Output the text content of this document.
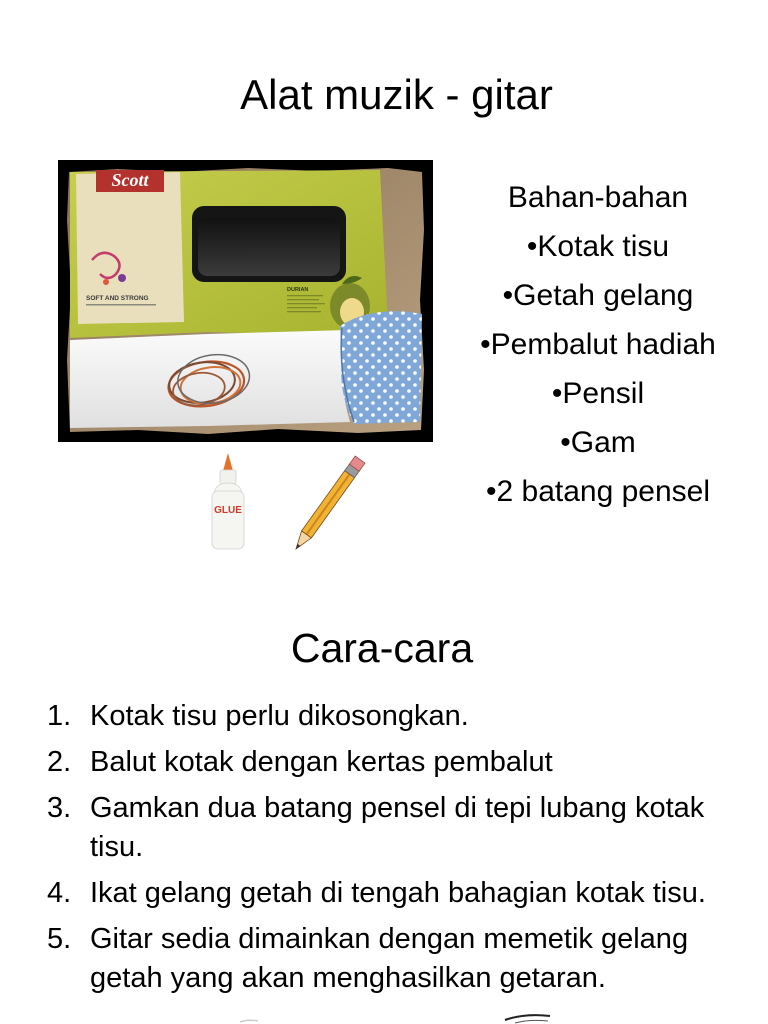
Alat muzik - gitar
Scott
SOFT AND STRONG
DURIAN
GLUE
Bahan-bahan
•Kotak tisu
•Getah gelang
•Pembalut hadiah
•Pensil
•Gam
•2 batang pensel
Cara-cara
1. Kotak tisu perlu dikosongkan.
2. Balut kotak dengan kertas pembalut
3. Gamkan dua batang pensel di tepi lubang kotak
tisu.
4. Ikat gelang getah di tengah bahagian kotak tisu.
5. Gitar sedia dimainkan dengan memetik gelang
getah yang akan menghasilkan getaran.
